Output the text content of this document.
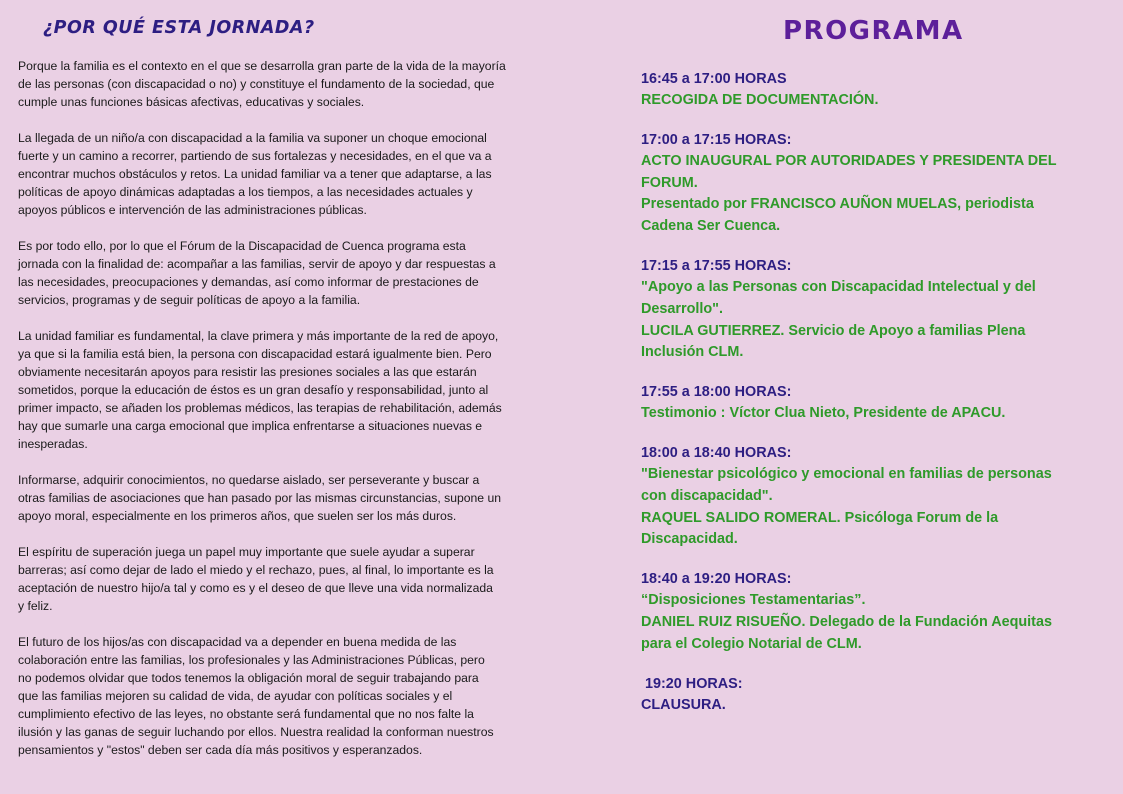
¿POR QUÉ ESTA JORNADA?

Porque la familia es el contexto en el que se desarrolla gran parte de la vida de la mayoría
de las personas (con discapacidad o no) y constituye el fundamento de la sociedad, que
cumple unas funciones básicas afectivas, educativas y sociales.

La llegada de un niño/a con discapacidad a la familia va suponer un choque emocional
fuerte y un camino a recorrer, partiendo de sus fortalezas y necesidades, en el que va a
encontrar muchos obstáculos y retos. La unidad familiar va a tener que adaptarse, a las
políticas de apoyo dinámicas adaptadas a los tiempos, a las necesidades actuales y
apoyos públicos e intervención de las administraciones públicas.

Es por todo ello, por lo que el Fórum de la Discapacidad de Cuenca programa esta
jornada con la finalidad de: acompañar a las familias, servir de apoyo y dar respuestas a
las necesidades, preocupaciones y demandas, así como informar de prestaciones de
servicios, programas y de seguir políticas de apoyo a la familia.

La unidad familiar es fundamental, la clave primera y más importante de la red de apoyo,
ya que si la familia está bien, la persona con discapacidad estará igualmente bien. Pero
obviamente necesitarán apoyos para resistir las presiones sociales a las que estarán
sometidos, porque la educación de éstos es un gran desafío y responsabilidad, junto al
primer impacto, se añaden los problemas médicos, las terapias de rehabilitación, además
hay que sumarle una carga emocional que implica enfrentarse a situaciones nuevas e
inesperadas.

Informarse, adquirir conocimientos, no quedarse aislado, ser perseverante y buscar a
otras familias de asociaciones que han pasado por las mismas circunstancias, supone un
apoyo moral, especialmente en los primeros años, que suelen ser los más duros.

El espíritu de superación juega un papel muy importante que suele ayudar a superar
barreras; así como dejar de lado el miedo y el rechazo, pues, al final, lo importante es la
aceptación de nuestro hijo/a tal y como es y el deseo de que lleve una vida normalizada
y feliz.

El futuro de los hijos/as con discapacidad va a depender en buena medida de las
colaboración entre las familias, los profesionales y las Administraciones Públicas, pero
no podemos olvidar que todos tenemos la obligación moral de seguir trabajando para
que las familias mejoren su calidad de vida, de ayudar con políticas sociales y el
cumplimiento efectivo de las leyes, no obstante será fundamental que no nos falte la
ilusión y las ganas de seguir luchando por ellos. Nuestra realidad la conforman nuestros
pensamientos y "estos" deben ser cada día más positivos y esperanzados.

PROGRAMA
16:45 a 17:00 HORAS
RECOGIDA DE DOCUMENTACIÓN.
17:00 a 17:15 HORAS:
ACTO INAUGURAL POR AUTORIDADES Y PRESIDENTA DEL
FORUM.
Presentado por FRANCISCO AUÑON MUELAS, periodista
Cadena Ser Cuenca.
17:15 a 17:55 HORAS:
"Apoyo a las Personas con Discapacidad Intelectual y del
Desarrollo".
LUCILA GUTIERREZ. Servicio de Apoyo a familias Plena
Inclusión CLM.
17:55 a 18:00 HORAS:
Testimonio : Víctor Clua Nieto, Presidente de APACU.
18:00 a 18:40 HORAS:
"Bienestar psicológico y emocional en familias de personas
con discapacidad".
RAQUEL SALIDO ROMERAL. Psicóloga Forum de la
Discapacidad.
18:40 a 19:20 HORAS:
“Disposiciones Testamentarias”.
DANIEL RUIZ RISUEÑO. Delegado de la Fundación Aequitas
para el Colegio Notarial de CLM.
19:20 HORAS:
CLAUSURA.
